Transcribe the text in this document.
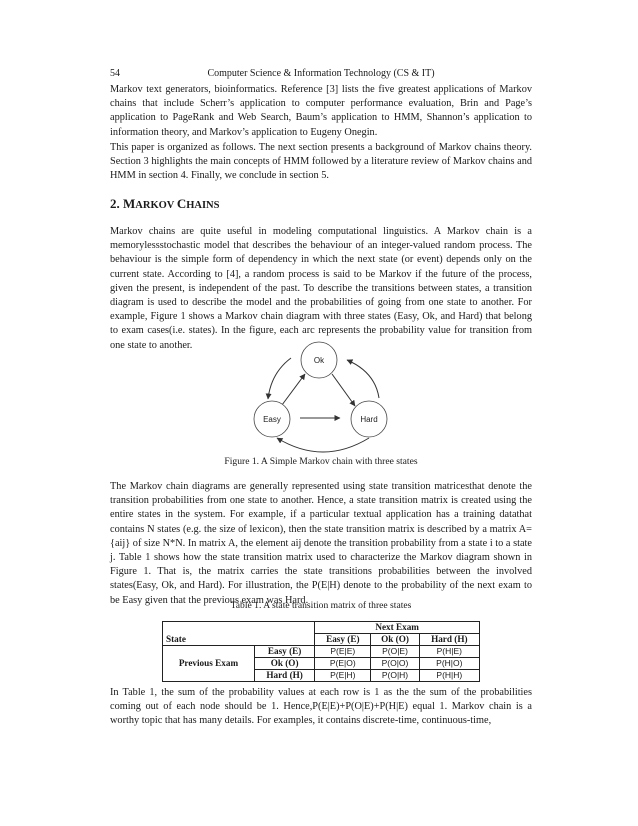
54	Computer Science & Information Technology (CS & IT)

Markov text generators, bioinformatics. Reference [3] lists the five greatest applications of Markov chains that include Scherr’s application to computer performance evaluation, Brin and Page’s application to PageRank and Web Search, Baum’s application to HMM, Shannon’s application to information theory, and Markov’s application to Eugeny Onegin.

This paper is organized as follows. The next section presents a background of Markov chains theory. Section 3 highlights the main concepts of HMM followed by a literature review of Markov chains and HMM in section 4. Finally, we conclude in section 5.

2. MARKOV CHAINS

Markov chains are quite useful in modeling computational linguistics. A Markov chain is a memorylessstochastic model that describes the behaviour of an integer-valued random process. The behaviour is the simple form of dependency in which the next state (or event) depends only on the current state. According to [4], a random process is said to be Markov if the future of the process, given the present, is independent of the past. To describe the transitions between states, a transition diagram is used to describe the model and the probabilities of going from one state to another. For example, Figure 1 shows a Markov chain diagram with three states (Easy, Ok, and Hard) that belong to exam cases(i.e. states). In the figure, each arc represents the probability value for transition from one state to another.

Ok
Easy	Hard
Figure 1. A Simple Markov chain with three states

The Markov chain diagrams are generally represented using state transition matricesthat denote the transition probabilities from one state to another. Hence, a state transition matrix is created using the entire states in the system. For example, if a particular textual application has a training datathat contains N states (e.g. the size of lexicon), then the state transition matrix is described by a matrix A= {aij} of size N*N. In matrix A, the element aij denote the transition probability from a state i to a state j. Table 1 shows how the state transition matrix used to characterize the Markov diagram shown in Figure 1. That is, the matrix carries the state transitions probabilities between the involved states(Easy, Ok, and Hard). For illustration, the P(E|H) denote to the probability of the next exam to be Easy given that the previous exam was Hard.

Table 1. A state transition matrix of three states
State		Next Exam		
		Easy (E)	Ok (O)	Hard (H)
Previous Exam	Easy (E)	P(E|E)	P(O|E)	P(H|E)
	Ok (O)	P(E|O)	P(O|O)	P(H|O)
	Hard (H)	P(E|H)	P(O|H)	P(H|H)

In Table 1, the sum of the probability values at each row is 1 as the the sum of the probabilities coming out of each node should be 1. Hence,P(E|E)+P(O|E)+P(H|E) equal 1. Markov chain is a worthy topic that has many details. For examples, it contains discrete-time, continuous-time,
